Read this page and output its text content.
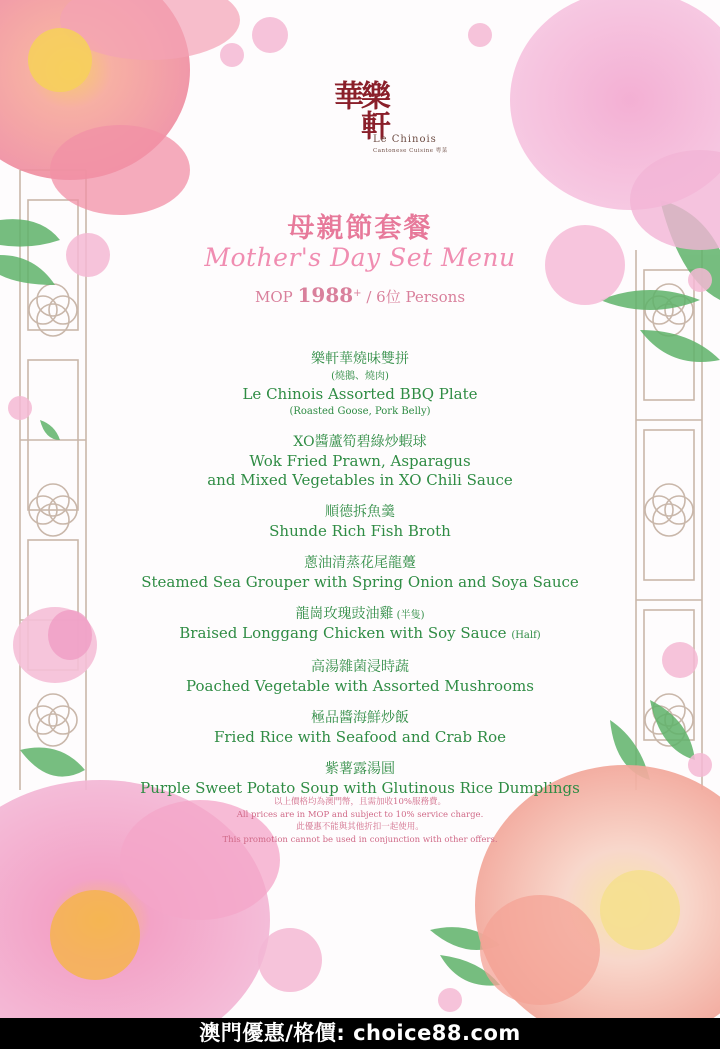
樂軒華
Le Chinois
Cantonese Cuisine 粵菜
母親節套餐
Mother's Day Set Menu
MOP 1988+ / 6位 Persons
樂軒華燒味雙拼
(燒鵝、燒肉)
Le Chinois Assorted BBQ Plate
(Roasted Goose, Pork Belly)
XO醬蘆筍碧綠炒蝦球
Wok Fried Prawn, Asparagus
and Mixed Vegetables in XO Chili Sauce
順德拆魚羹
Shunde Rich Fish Broth
蔥油清蒸花尾龍躉
Steamed Sea Grouper with Spring Onion and Soya Sauce
龍崗玫瑰豉油雞 (半隻)
Braised Longgang Chicken with Soy Sauce (Half)
高湯雜菌浸時蔬
Poached Vegetable with Assorted Mushrooms
極品醬海鮮炒飯
Fried Rice with Seafood and Crab Roe
紫薯露湯圓
Purple Sweet Potato Soup with Glutinous Rice Dumplings
以上價格均為澳門幣，且需加收10%服務費。
All prices are in MOP and subject to 10% service charge.
此優惠不能與其他折扣一起使用。
This promotion cannot be used in conjunction with other offers.
澳門優惠/格價: choice88.com
